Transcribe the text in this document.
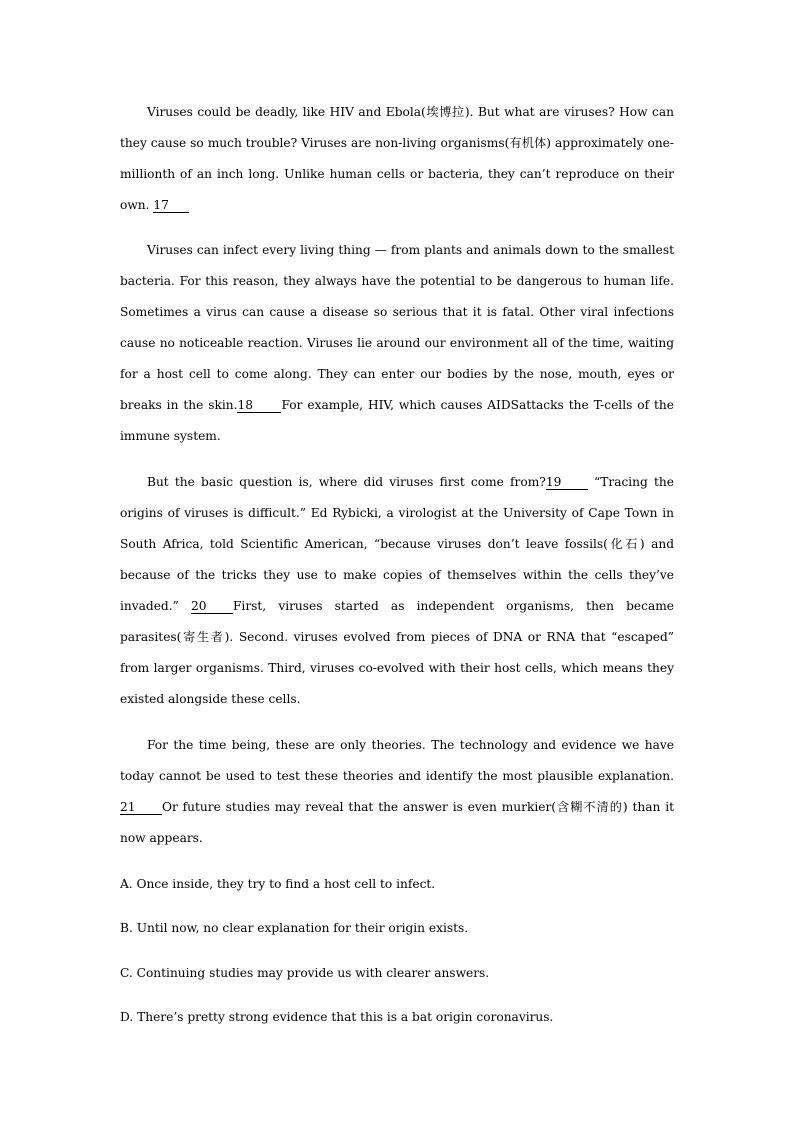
Viruses could be deadly, like HIV and Ebola(埃博拉). But what are viruses? How can they cause so much trouble? Viruses are non-living organisms(有机体) approximately one-millionth of an inch long. Unlike human cells or bacteria, they can’t reproduce on their own. 17

Viruses can infect every living thing — from plants and animals down to the smallest bacteria. For this reason, they always have the potential to be dangerous to human life. Sometimes a virus can cause a disease so serious that it is fatal. Other viral infections cause no noticeable reaction. Viruses lie around our environment all of the time, waiting for a host cell to come along. They can enter our bodies by the nose, mouth, eyes or breaks in the skin.18 For example, HIV, which causes AIDSattacks the T-cells of the immune system.

But the basic question is, where did viruses first come from?19 “Tracing the origins of viruses is difficult.” Ed Rybicki, a virologist at the University of Cape Town in South Africa, told Scientific American, “because viruses don’t leave fossils(化石) and because of the tricks they use to make copies of themselves within the cells they’ve invaded.” 20 First, viruses started as independent organisms, then became parasites(寄生者). Second. viruses evolved from pieces of DNA or RNA that “escaped” from larger organisms. Third, viruses co-evolved with their host cells, which means they existed alongside these cells.

For the time being, these are only theories. The technology and evidence we have today cannot be used to test these theories and identify the most plausible explanation. 21 Or future studies may reveal that the answer is even murkier(含糊不清的) than it now appears.

A. Once inside, they try to find a host cell to infect.

B. Until now, no clear explanation for their origin exists.

C. Continuing studies may provide us with clearer answers.

D. There’s pretty strong evidence that this is a bat origin coronavirus.
